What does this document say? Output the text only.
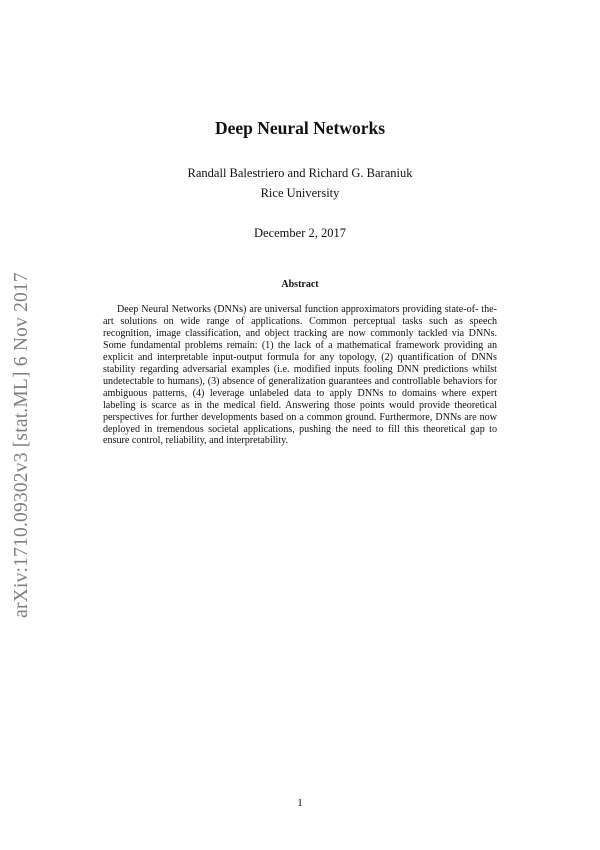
arXiv:1710.09302v3 [stat.ML] 6 Nov 2017
Deep Neural Networks
Randall Balestriero and Richard G. Baraniuk
Rice University
December 2, 2017
Abstract
Deep Neural Networks (DNNs) are universal function approximators providing state-of- the-art solutions on wide range of applications. Common perceptual tasks such as speech recognition, image classification, and object tracking are now commonly tackled via DNNs. Some fundamental problems remain: (1) the lack of a mathematical framework providing an explicit and interpretable input-output formula for any topology, (2) quantification of DNNs stability regarding adversarial examples (i.e. modified inputs fooling DNN predictions whilst undetectable to humans), (3) absence of generalization guarantees and controllable behaviors for ambiguous patterns, (4) leverage unlabeled data to apply DNNs to domains where expert labeling is scarce as in the medical field. Answering those points would provide theoretical perspectives for further developments based on a common ground. Furthermore, DNNs are now deployed in tremendous societal applications, pushing the need to fill this theoretical gap to ensure control, reliability, and interpretability.
1
